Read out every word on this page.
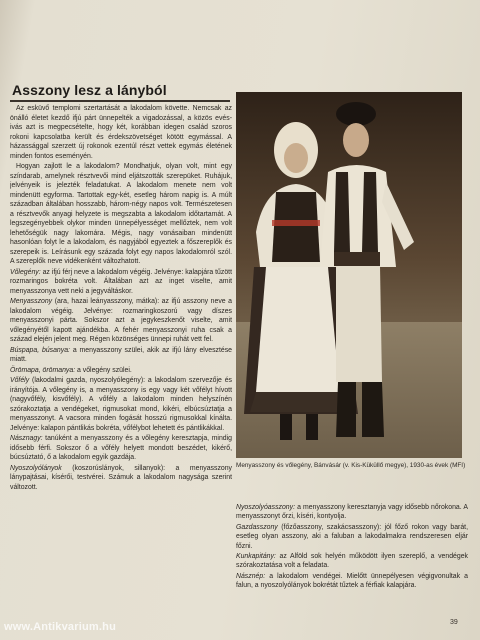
Asszony lesz a lányból

Az esküvő templomi szertartását a lakodalom követte. Nemcsak az önálló életet kezdő ifjú párt ünnepelték a vigadozással, a közös evés-ivás azt is megpecsételte, hogy két, korábban idegen család szoros rokoni kapcsolatba került és érdekszövetséget kötött egymással. A házassággal szerzett új rokonok ezentúl részt vettek egymás életének minden fontos eseményén.

Hogyan zajlott le a lakodalom? Mondhatjuk, olyan volt, mint egy színdarab, amelynek résztvevői mind eljátszották szerepüket. Ruhájuk, jelvényeik is jelezték feladatukat. A lakodalom menete nem volt mindenütt egyforma. Tartottak egy-két, esetleg három napig is. A múlt században általában hosszabb, három-négy napos volt. Természetesen a résztvevők anyagi helyzete is megszabta a lakodalom időtartamát. A legszegényebbek olykor minden ünnepélyességet mellőztek, nem volt lehetőségük nagy lakomára. Mégis, nagy vonásaiban mindenütt hasonlóan folyt le a lakodalom, és nagyjából egyeztek a főszereplők és szerepeik is. Leírásunk egy százada folyt egy napos lakodalomról szól. A szereplők neve vidékenként változhatott.

Vőlegény: az ifjú férj neve a lakodalom végéig. Jelvénye: kalapjára tűzött rozmaringos bokréta volt. Általában azt az inget viselte, amit menyasszonya vett neki a jegyváltáskor.

Menyasszony (ara, hazai leányasszony, mátka): az ifjú asszony neve a lakodalom végéig. Jelvénye: rozmaringkoszorú vagy díszes menyasszonyi párta. Sokszor azt a jegykeszkenőt viselte, amit vőlegényétől kapott ajándékba. A fehér menyasszonyi ruha csak a század elején jelent meg. Régen közönséges ünnepi ruhát vett fel.

Búspapa, búsanya: a menyasszony szülei, akik az ifjú lány elvesztése miatt.

Örömapa, örömanya: a vőlegény szülei.

Vőfély (lakodalmi gazda, nyoszolyólegény): a lakodalom szervezője és irányítója. A vőlegény is, a menyasszony is egy vagy két vőfélyt hívott (nagyvőfély, kisvőfély). A vőfély a lakodalom minden helyszínén szórakoztatja a vendégeket, rigmusokat mond, kikéri, elbúcsúztatja a menyasszonyt. A vacsora minden fogását hosszú rigmusokkal kínálta. Jelvénye: kalapon pántlikás bokréta, vőfélybot lehetett és pántlikákkal.

Násznagy: tanúként a menyasszony és a vőlegény keresztapja, mindig idősebb férfi. Sokszor ő a vőfély helyett mondott beszédet, kikérő, búcsúztató, ő a lakodalom egyik gazdája.

Nyoszolyólányok (koszorúslányok, sillanyok): a menyasszony lánypajtásai, kísérői, testvérei. Számuk a lakodalom nagysága szerint változott.

Menyasszony és vőlegény, Bánvásár (v. Kis-Küküllő megye), 1930-as évek (MFI)

Nyoszolyóasszony: a menyasszony keresztanyja vagy idősebb nőrokona. A menyasszonyt őrzi, kíséri, kontyolja.

Gazdasszony (főzőasszony, szakácsasszony): jól főző rokon vagy barát, esetleg olyan asszony, aki a faluban a lakodalmakra rendszeresen eljár főzni.

Kunkapitány: az Alföld sok helyén működött ilyen szereplő, a vendégek szórakoztatása volt a feladata.

Násznép: a lakodalom vendégei. Mielőtt ünnepélyesen végigvonultak a falun, a nyoszolyólányok bokrétát tűztek a férfiak kalapjára.

39
www.Antikvarium.hu
